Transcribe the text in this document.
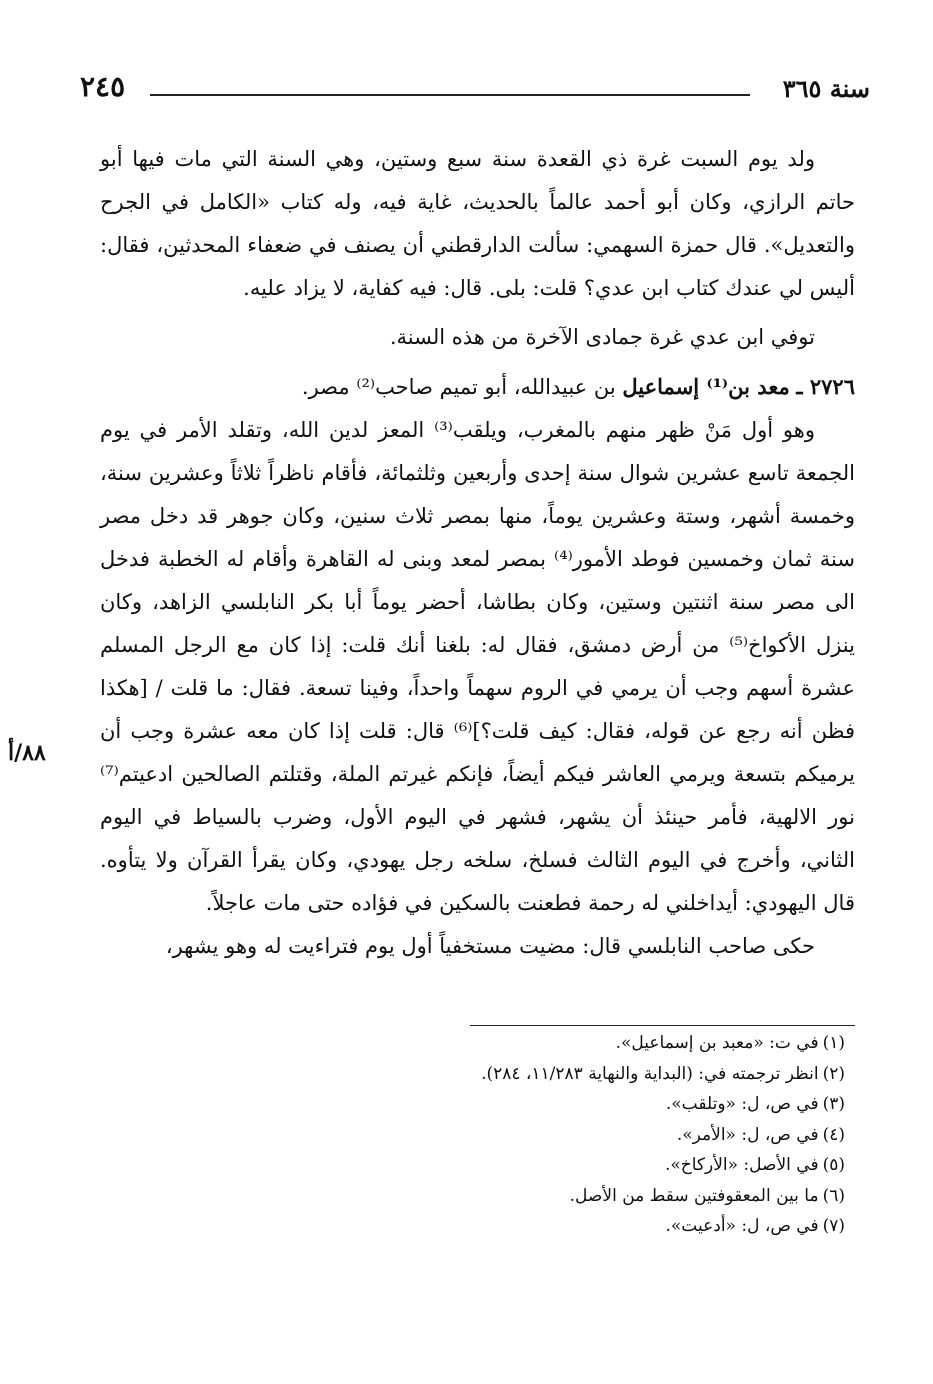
سنة ٣٦٥
٢٤٥

ولد يوم السبت غرة ذي القعدة سنة سبع وستين، وهي السنة التي مات فيها أبو حاتم الرازي، وكان أبو أحمد عالماً بالحديث، غاية فيه، وله كتاب «الكامل في الجرح والتعديل». قال حمزة السهمي: سألت الدارقطني أن يصنف في ضعفاء المحدثين، فقال: أليس لي عندك كتاب ابن عدي؟ قلت: بلى. قال: فيه كفاية، لا يزاد عليه.

توفي ابن عدي غرة جمادى الآخرة من هذه السنة.

٢٧٢٦ ـ معد بن⁽¹⁾ إسماعيل بن عبيدالله، أبو تميم صاحب⁽²⁾ مصر.

وهو أول مَنْ ظهر منهم بالمغرب، ويلقب⁽³⁾ المعز لدين الله، وتقلد الأمر في يوم الجمعة تاسع عشرين شوال سنة إحدى وأربعين وثلثمائة، فأقام ناظراً ثلاثاً وعشرين سنة، وخمسة أشهر، وستة وعشرين يوماً، منها بمصر ثلاث سنين، وكان جوهر قد دخل مصر سنة ثمان وخمسين فوطد الأمور⁽⁴⁾ بمصر لمعد وبنى له القاهرة وأقام له الخطبة فدخل الى مصر سنة اثنتين وستين، وكان بطاشا، أحضر يوماً أبا بكر النابلسي الزاهد، وكان ينزل الأكواخ⁽⁵⁾ من أرض دمشق، فقال له: بلغنا أنك قلت: إذا كان مع الرجل المسلم عشرة أسهم وجب أن يرمي في الروم سهماً واحداً، وفينا تسعة. فقال: ما قلت / [هكذا فظن أنه رجع عن قوله، فقال: كيف قلت؟]⁽⁶⁾ قال: قلت إذا كان معه عشرة وجب أن يرميكم بتسعة ويرمي العاشر فيكم أيضاً، فإنكم غيرتم الملة، وقتلتم الصالحين ادعيتم⁽⁷⁾ نور الالهية، فأمر حينئذ أن يشهر، فشهر في اليوم الأول، وضرب بالسياط في اليوم الثاني، وأخرج في اليوم الثالث فسلخ، سلخه رجل يهودي، وكان يقرأ القرآن ولا يتأوه. قال اليهودي: أيداخلني له رحمة فطعنت بالسكين في فؤاده حتى مات عاجلاً.

حكى صاحب النابلسي قال: مضيت مستخفياً أول يوم فتراءيت له وهو يشهر،

٨٨/أ
(١)في ت: «معبد بن إسماعيل».
(٢)انظر ترجمته في: (البداية والنهاية ١١/٢٨٣، ٢٨٤).
(٣)في ص، ل: «وتلقب».
(٤)في ص، ل: «الأمر».
(٥)في الأصل: «الأركاخ».
(٦)ما بين المعقوفتين سقط من الأصل.
(٧)في ص، ل: «أدعيت».
